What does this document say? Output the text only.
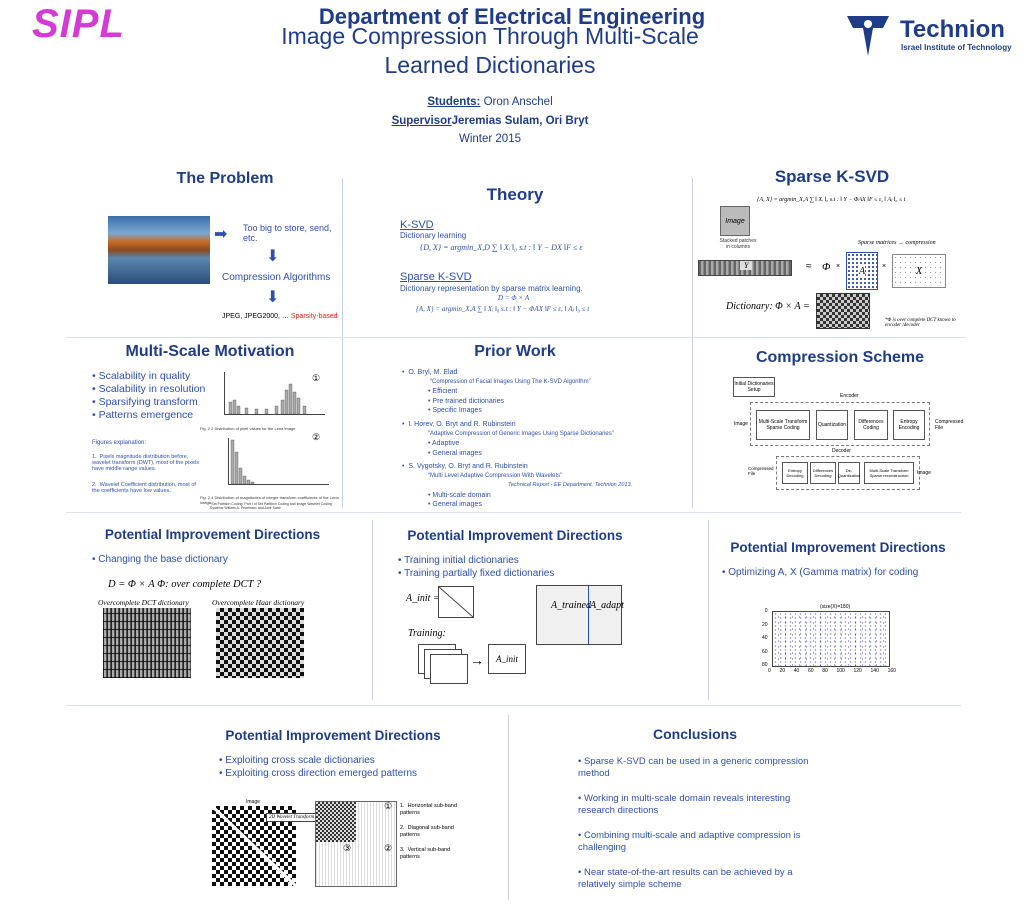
SIPL	Department of Electrical Engineering
Image Compression Through Multi-Scale
Learned Dictionaries
Students: Oron Anschel
SupervisorJeremias Sulam, Ori Bryt
Winter 2015
Technion
Israel Institute of Technology
The Problem
➡ Too big to store, send, etc.
⬇
Compression Algorithms
⬇
JPEG, JPEG2000, … Sparsity-based
Theory
K-SVD
Dictionary learning
{D, X} = argmin_X,D ∑ ‖ Xᵢ ‖₀ s.t : ‖ Y − DX ‖F ≤ ε
Sparse K-SVD
Dictionary representation by sparse matrix learning.
D = Φ × A
{A, X} = argmin_X,A ∑ ‖ Xᵢ ‖₀ s.t : ‖ Y − ΦAX ‖F ≤ ε, ‖ Aⱼ ‖₀ ≤ t
Sparse K-SVD
{A, X} = argmin_X,A ∑ ‖ Xᵢ ‖₀ s.t : ‖ Y − ΦAX ‖F ≤ ε, ‖ Aⱼ ‖₀ ≤ t
Image
Stacked patches in columns
Y	≈ Φ ×
Sparse matrices → compression
A ×	X
Dictionary: Φ × A =
*Φ is over complete DCT known to encoder /decoder
Multi-Scale Motivation
• Scalability in quality
• Scalability in resolution
• Sparsifying transform
• Patterns emergence
Figures explanation:
1.  Pixels magnitude distribution before, wavelet transform (DWT), most of the pixels have middle range values.
2.  Wavelet Coefficient distribution, most of the coefficients have low values.
①
Fig. 2.2 Distribution of pixel values for the Lena image
②
Fig. 2.4 Distribution of magnitudes of integer transform coefficients of the Lena image *Set Partition Coding: Part I of Set Partition Coding and Image Wavelet Coding Systems William A. Pearlman¹ and Amir Said²
Prior Work
•  O. Bryl, M. Elad
“Compression of Facial Images Using The K-SVD Algorithm”
• Efficient
• Pre trained dictionaries
• Specific Images
•  I. Horev, O. Bryt and R. Rubinstein
“Adaptive Compression of Generic Images Using Sparse Dictionaries”
• Adaptive
• General images
•  S. Vygotsky, O. Bryt and R. Rubinstein
“Multi Level Adaptive Compression With Wavelets”
Technical Report - EE Department, Technion 2013.
• Multi-scale domain
• General images
Compression Scheme
Initial Dictionaries Setup
Encoder
Image	Multi-Scale Transform Sparse Coding	Quantization	Differences Coding
Entropy Encoding
Compressed File
Decoder
Compressed File
Entropy Decoding
Differences Decoding
De-Quantization
Multi-Scale Transform Sparse reconstruction	Image
Potential Improvement Directions
• Changing the base dictionary
D = Φ × A Φ: over complete DCT ?
Overcomplete DCT dictionary	Overcomplete Haar dictionary
Potential Improvement Directions
• Training initial dictionaries
• Training partially fixed dictionaries
A_init =
A_trained A_adapt
Training:
→ A_init
Potential Improvement Directions
• Optimizing A, X (Gamma matrix) for coding
(size(X)=180)
0 20 40 60 80 100 120 140 160
0
20
40
60
80
Potential Improvement Directions
• Exploiting cross scale dictionaries
• Exploiting cross direction emerged patterns
Image
2D Wavelet Transform
①
②
③
1.  Horizontal sub-band patterns
2.  Diagonal sub-band patterns
3.  Vertical sub-band patterns
Conclusions
• Sparse K-SVD can be used in a generic compression method
• Working in multi-scale domain reveals interesting research directions
• Combining multi-scale and adaptive compression is challenging
• Near state-of-the-art results can be achieved by a relatively simple scheme
